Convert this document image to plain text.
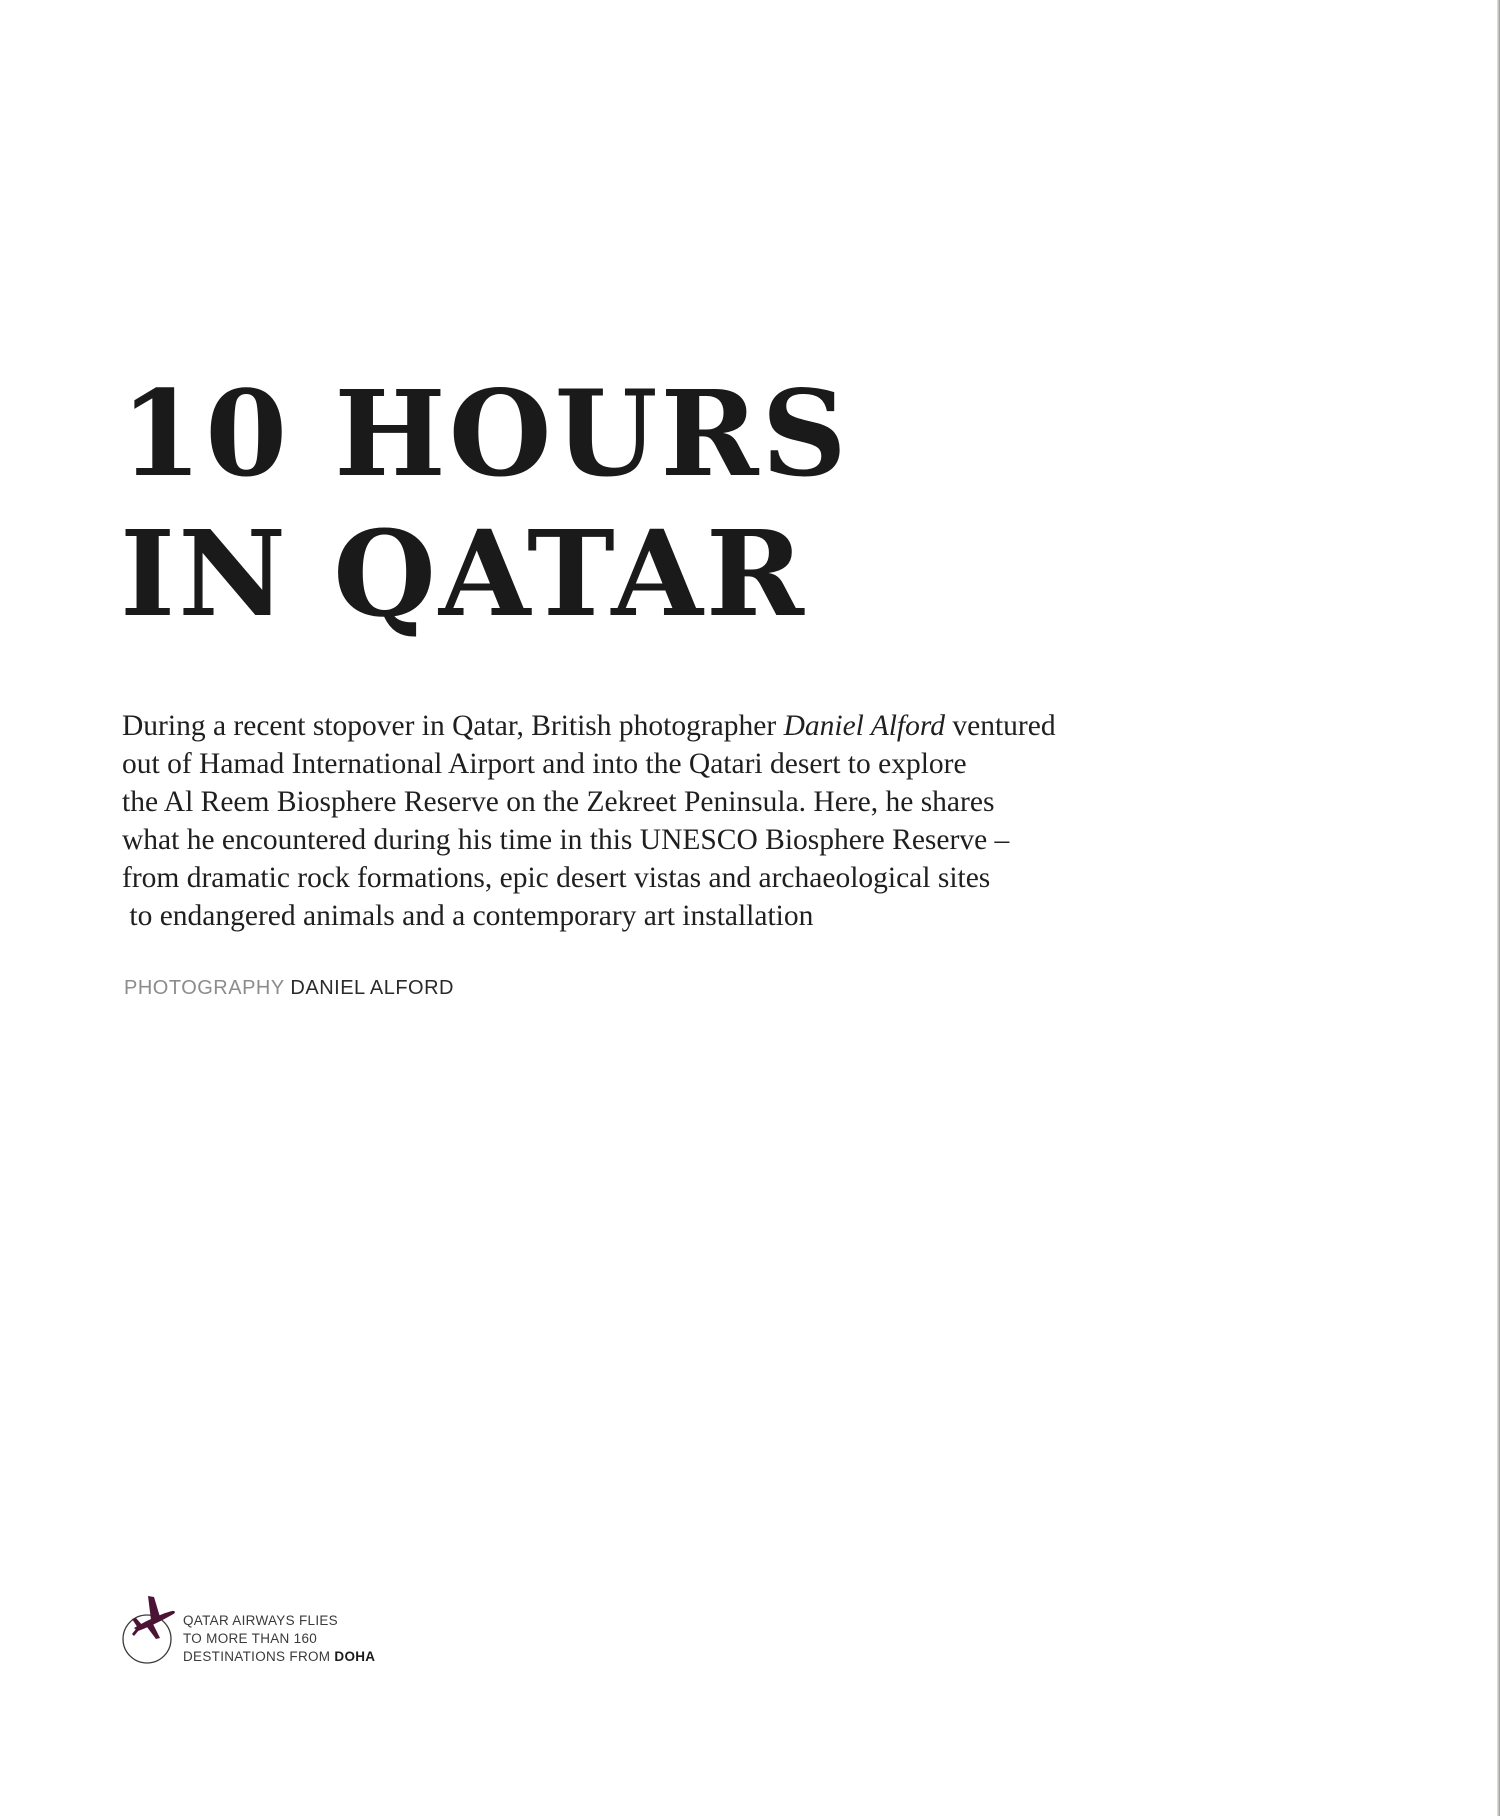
10 HOURS
IN QATAR

During a recent stopover in Qatar, British photographer Daniel Alford ventured
out of Hamad International Airport and into the Qatari desert to explore
the Al Reem Biosphere Reserve on the Zekreet Peninsula. Here, he shares
what he encountered during his time in this UNESCO Biosphere Reserve –
from dramatic rock formations, epic desert vistas and archaeological sites
to endangered animals and a contemporary art installation

PHOTOGRAPHY DANIEL ALFORD
QATAR AIRWAYS FLIES
TO MORE THAN 160
DESTINATIONS FROM DOHA
